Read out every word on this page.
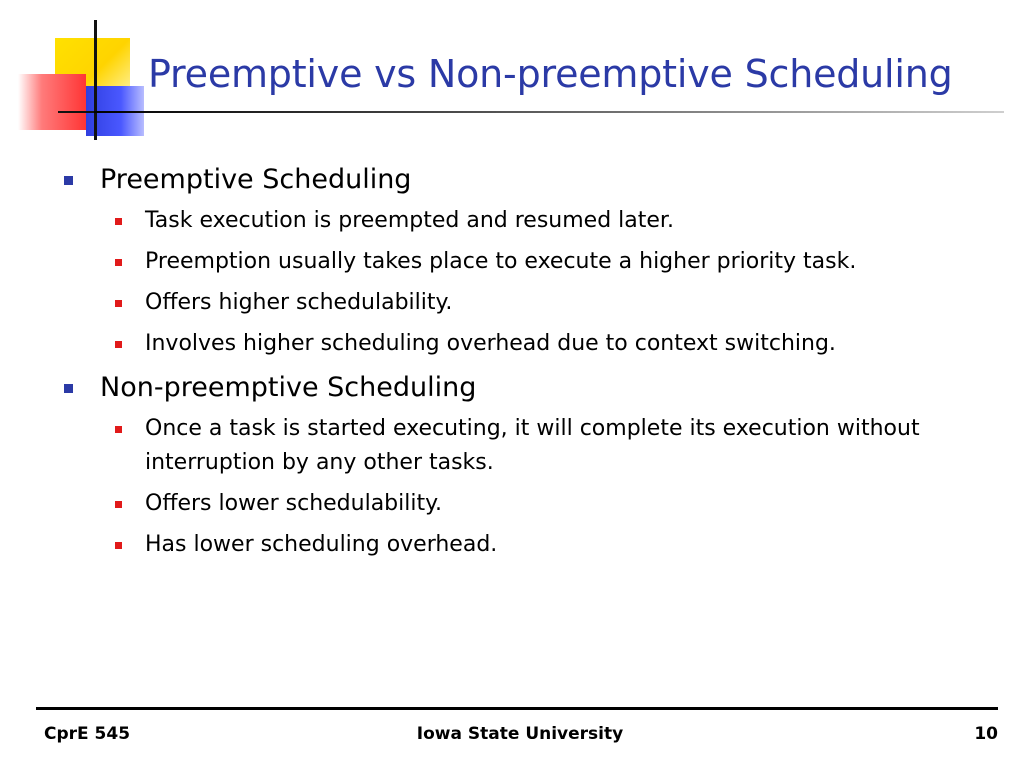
Preemptive vs Non-preemptive Scheduling
Preemptive Scheduling
Task execution is preempted and resumed later.
Preemption usually takes place to execute a higher priority task.
Offers higher schedulability.
Involves higher scheduling overhead due to context switching.
Non-preemptive Scheduling
Once a task is started executing, it will complete its execution without interruption by any other tasks.
Offers lower schedulability.
Has lower scheduling overhead.
CprE 545	Iowa State University	10
